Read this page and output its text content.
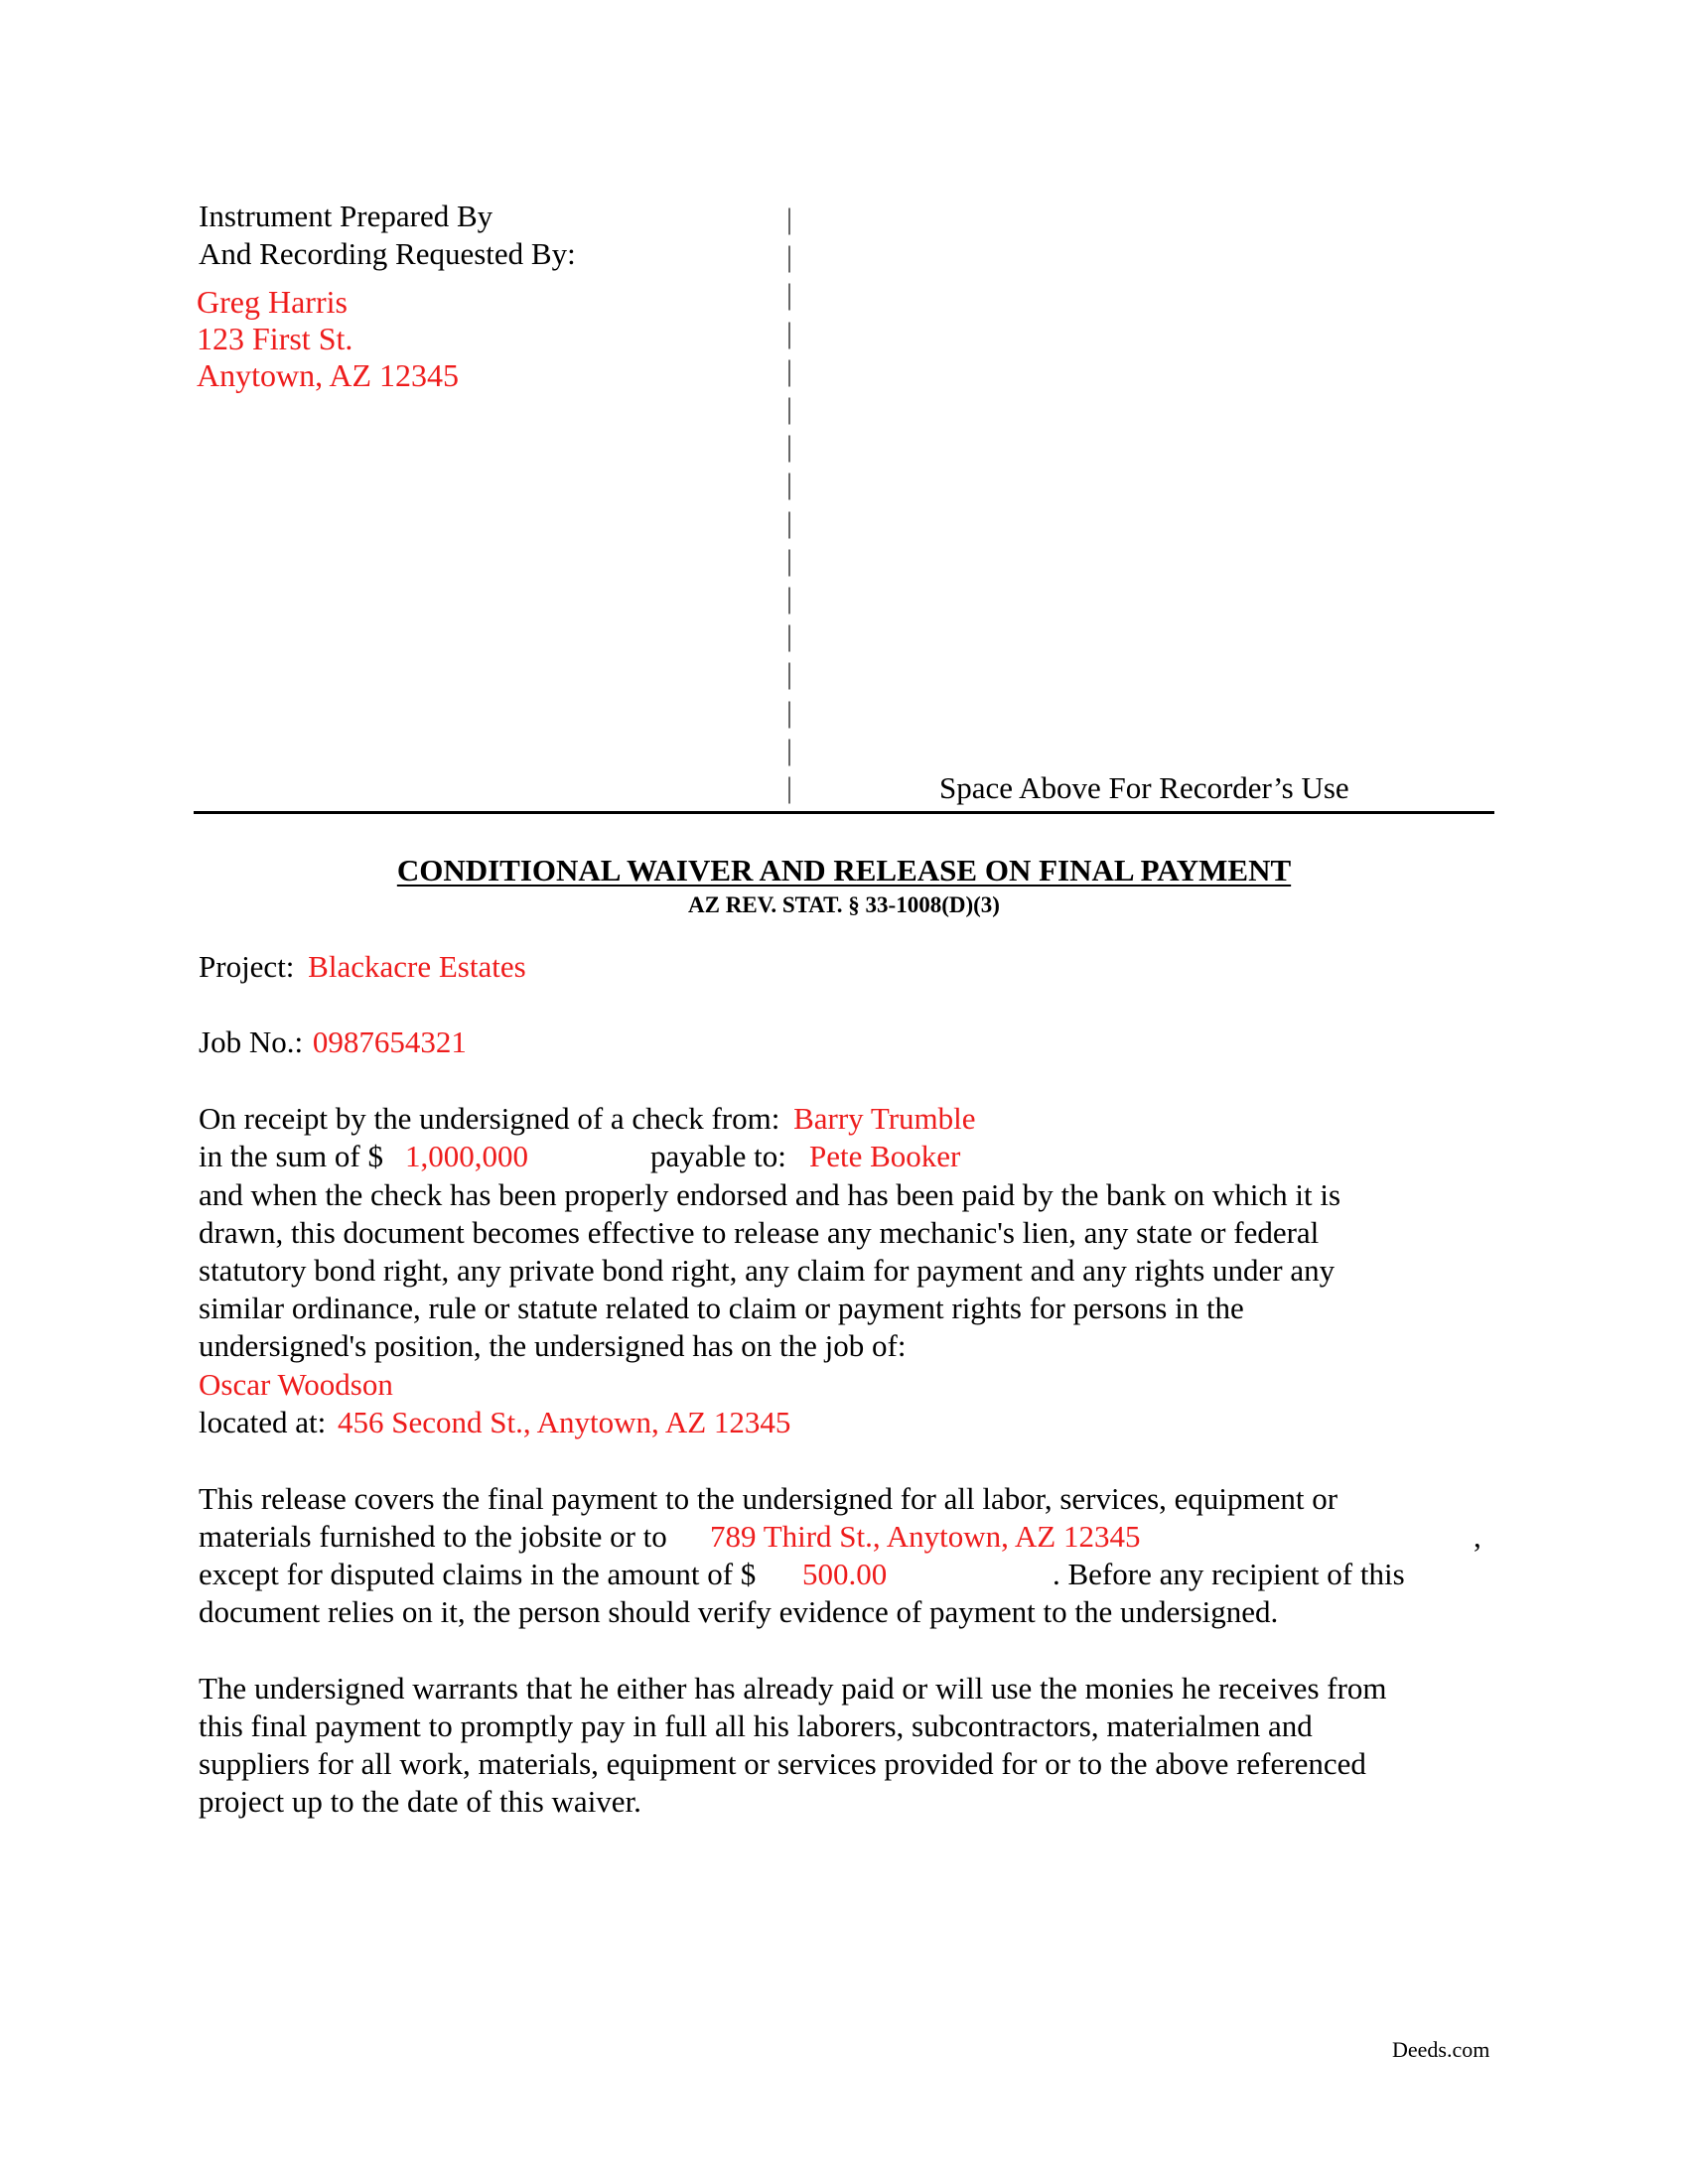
Instrument Prepared By
And Recording Requested By:
Greg Harris
123 First St.
Anytown, AZ 12345
|
|
|
|
|
|
|
|
|
|
|
|
|
|
|
|	Space Above For Recorder’s Use
CONDITIONAL WAIVER AND RELEASE ON FINAL PAYMENT
AZ REV. STAT. § 33-1008(D)(3)
Project: Blackacre Estates
Job No.: 0987654321
On receipt by the undersigned of a check from: Barry Trumble
in the sum of $ 1,000,000	payable to: Pete Booker
and when the check has been properly endorsed and has been paid by the bank on which it is
drawn, this document becomes effective to release any mechanic's lien, any state or federal
statutory bond right, any private bond right, any claim for payment and any rights under any
similar ordinance, rule or statute related to claim or payment rights for persons in the
undersigned's position, the undersigned has on the job of:
Oscar Woodson
located at: 456 Second St., Anytown, AZ 12345
This release covers the final payment to the undersigned for all labor, services, equipment or
materials furnished to the jobsite or to 789 Third St., Anytown, AZ 12345	,
except for disputed claims in the amount of $ 500.00	. Before any recipient of this
document relies on it, the person should verify evidence of payment to the undersigned.
The undersigned warrants that he either has already paid or will use the monies he receives from
this final payment to promptly pay in full all his laborers, subcontractors, materialmen and
suppliers for all work, materials, equipment or services provided for or to the above referenced
project up to the date of this waiver.
Deeds.com
